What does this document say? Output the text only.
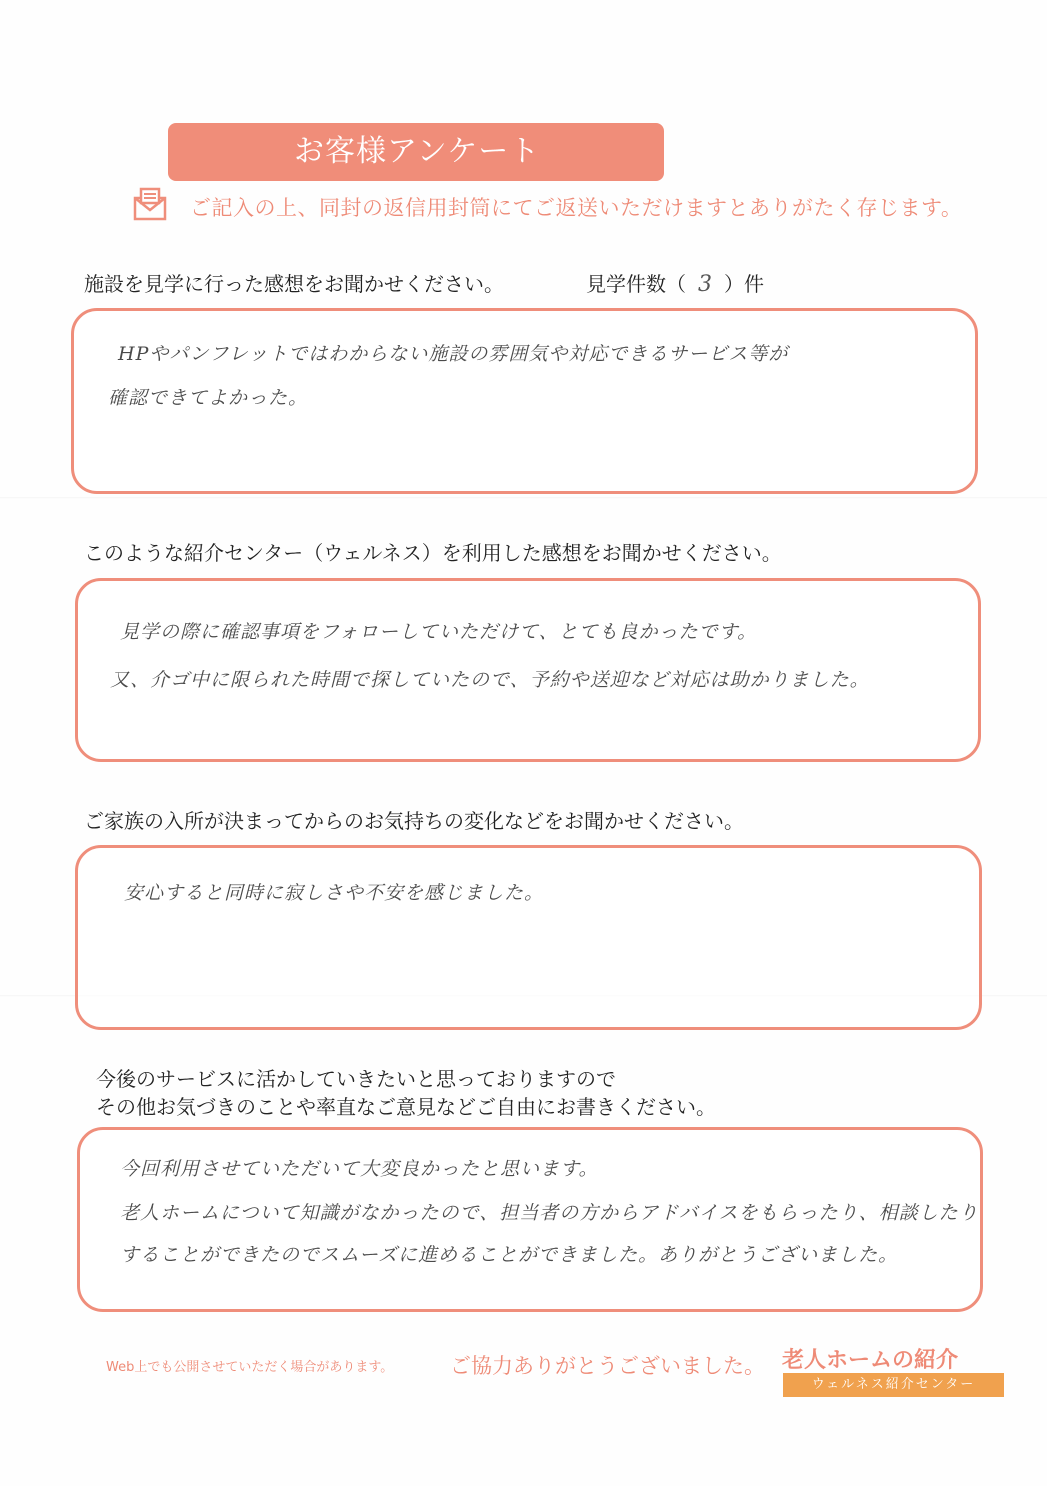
お客様アンケート
ご記入の上、同封の返信用封筒にてご返送いただけますとありがたく存じます。
施設を見学に行った感想をお聞かせください。	見学件数（ 3 ）件
HPやパンフレットではわからない施設の雰囲気や対応できるサービス等が
確認できてよかった。
このような紹介センター（ウェルネス）を利用した感想をお聞かせください。
見学の際に確認事項をフォローしていただけて、とても良かったです。
又、介ゴ中に限られた時間で探していたので、予約や送迎など対応は助かりました。
ご家族の入所が決まってからのお気持ちの変化などをお聞かせください。
安心すると同時に寂しさや不安を感じました。
今後のサービスに活かしていきたいと思っておりますので
その他お気づきのことや率直なご意見などご自由にお書きください。
今回利用させていただいて大変良かったと思います。
老人ホームについて知識がなかったので、担当者の方からアドバイスをもらったり、相談したり
することができたのでスムーズに進めることができました。ありがとうございました。
Web上でも公開させていただく場合があります。	ご協力ありがとうございました。 老人ホームの紹介
ウェルネス紹介センター
